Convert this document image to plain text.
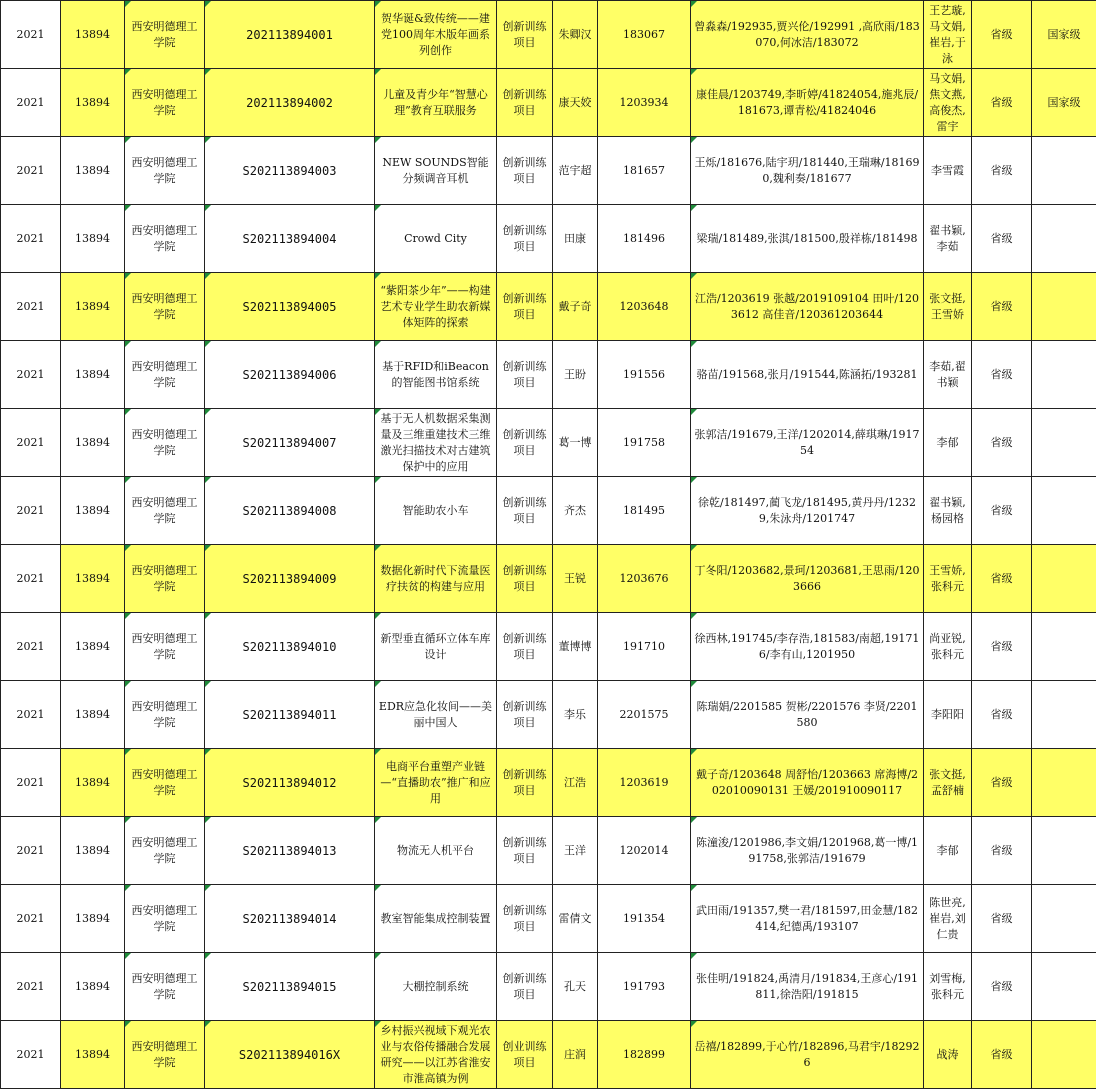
2021	13894	西安明德理工学院	202113894001	贺华诞&致传统——建党100周年木版年画系列创作	创新训练项目	朱卿汉	183067	曾淼森/192935,贾兴伦/192991 ,高欣雨/183070,何冰洁/183072	王艺璇,马文娟,崔岩,于泳	省级	国家级

2021	13894	西安明德理工学院	202113894002	儿童及青少年“智慧心理”教育互联服务	创新训练项目	康天姣	1203934	康佳晨/1203749,李昕婷/41824054,施兆辰/181673,谭青松/41824046	马文娟,焦文燕,高俊杰,雷宇	省级	国家级

2021	13894	西安明德理工学院	S202113894003	NEW SOUNDS智能分频调音耳机	创新训练项目	范宇超	181657	王烁/181676,陆宇玥/181440,王瑞琳/181690,魏利奏/181677	李雪霞	省级	

2021	13894	西安明德理工学院	S202113894004	Crowd City	创新训练项目	田康	181496	梁瑞/181489,张淇/181500,殷祥栋/181498	翟书颖,李茹	省级	

2021	13894	西安明德理工学院	S202113894005	“紫阳茶少年”——构建艺术专业学生助农新媒体矩阵的探索	创新训练项目	戴子奇	1203648	江浩/1203619 张越/2019109104 田叶/1203612 高佳音/120361203644	张文挺,王雪娇	省级	

2021	13894	西安明德理工学院	S202113894006	基于RFID和iBeacon的智能图书馆系统	创新训练项目	王盼	191556	骆苗/191568,张月/191544,陈涵拓/193281	李茹,翟书颖	省级	

2021	13894	西安明德理工学院	S202113894007	基于无人机数据采集测量及三维重建技术三维激光扫描技术对古建筑保护中的应用	创新训练项目	葛一博	191758	张郭洁/191679,王洋/1202014,薛琪琳/191754	李郁	省级	

2021	13894	西安明德理工学院	S202113894008	智能助农小车	创新训练项目	齐杰	181495	徐乾/181497,蔺飞龙/181495,黄丹丹/12329,朱泳舟/1201747	翟书颖,杨园格	省级	

2021	13894	西安明德理工学院	S202113894009	数据化新时代下流量医疗扶贫的构建与应用	创新训练项目	王锐	1203676	丁冬阳/1203682,景珂/1203681,王思雨/1203666	王雪娇,张科元	省级	

2021	13894	西安明德理工学院	S202113894010	新型垂直循环立体车库设计	创新训练项目	董博博	191710	徐西林,191745/李存浩,181583/南超,191716/李有山,1201950	尚亚锐,张科元	省级	

2021	13894	西安明德理工学院	S202113894011	EDR应急化妆间——美丽中国人	创新训练项目	李乐	2201575	陈瑞娟/2201585 贺彬/2201576 李贤/2201580	李阳阳	省级	

2021	13894	西安明德理工学院	S202113894012	电商平台重塑产业链—“直播助农”推广和应用	创新训练项目	江浩	1203619	戴子奇/1203648 周舒怡/1203663 席海博/202010090131 王媛/201910090117	张文挺,孟舒楠	省级	

2021	13894	西安明德理工学院	S202113894013	物流无人机平台	创新训练项目	王洋	1202014	陈潼浚/1201986,李文娟/1201968,葛一博/191758,张郭洁/191679	李郁	省级	

2021	13894	西安明德理工学院	S202113894014	教室智能集成控制装置	创新训练项目	雷倩文	191354	武田雨/191357,樊一君/181597,田金慧/182414,纪德禹/193107	陈世亮,崔岩,刘仁贵	省级	

2021	13894	西安明德理工学院	S202113894015	大棚控制系统	创新训练项目	孔天	191793	张佳明/191824,禹清月/191834,王彦心/191811,徐浩阳/191815	刘雪梅,张科元	省级	

2021	13894	西安明德理工学院	S202113894016X	乡村振兴视域下观光农业与农俗传播融合发展研究——以江苏省淮安市淮高镇为例	创业训练项目	庄润	182899	岳禧/182899,于心竹/182896,马君宇/182926	战涛	省级	
